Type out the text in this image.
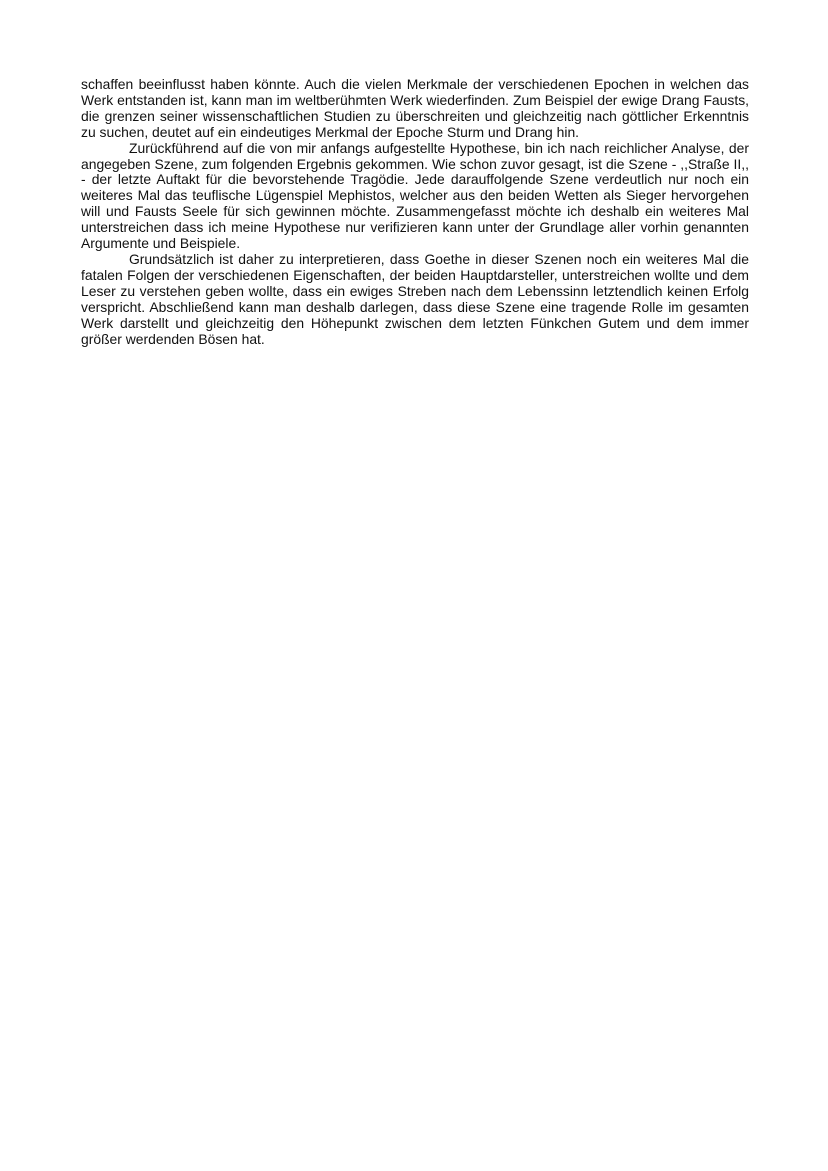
schaffen beeinflusst haben könnte. Auch die vielen Merkmale der verschiedenen Epochen in welchen das Werk entstanden ist, kann man im weltberühmten Werk wiederfinden. Zum Beispiel der ewige Drang Fausts, die grenzen seiner wissenschaftlichen Studien zu überschreiten und gleichzeitig nach göttlicher Erkenntnis zu suchen, deutet auf ein eindeutiges Merkmal der Epoche Sturm und Drang hin.

Zurückführend auf die von mir anfangs aufgestellte Hypothese, bin ich nach reichlicher Analyse, der angegeben Szene, zum folgenden Ergebnis gekommen. Wie schon zuvor gesagt, ist die Szene - ,,Straße II,, - der letzte Auftakt für die bevorstehende Tragödie. Jede darauffolgende Szene verdeutlich nur noch ein weiteres Mal das teuflische Lügenspiel Mephistos, welcher aus den beiden Wetten als Sieger hervorgehen will und Fausts Seele für sich gewinnen möchte. Zusammengefasst möchte ich deshalb ein weiteres Mal unterstreichen dass ich meine Hypothese nur verifizieren kann unter der Grundlage aller vorhin genannten Argumente und Beispiele.

Grundsätzlich ist daher zu interpretieren, dass Goethe in dieser Szenen noch ein weiteres Mal die fatalen Folgen der verschiedenen Eigenschaften, der beiden Hauptdarsteller, unterstreichen wollte und dem Leser zu verstehen geben wollte, dass ein ewiges Streben nach dem Lebenssinn letztendlich keinen Erfolg verspricht. Abschließend kann man deshalb darlegen, dass diese Szene eine tragende Rolle im gesamten Werk darstellt und gleichzeitig den Höhepunkt zwischen dem letzten Fünkchen Gutem und dem immer größer werdenden Bösen hat.
